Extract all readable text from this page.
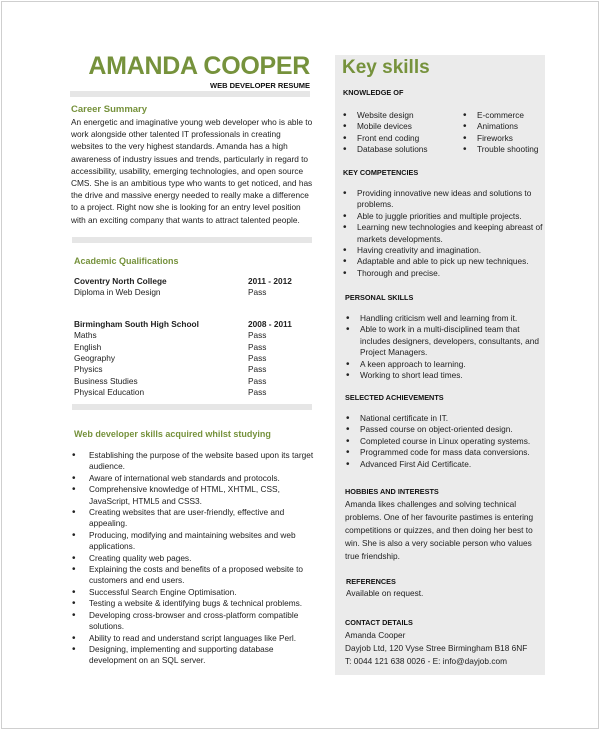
AMANDA COOPER
WEB DEVELOPER RESUME
Career Summary
An energetic and imaginative young web developer who is able to work alongside other talented IT professionals in creating websites to the very highest standards. Amanda has a high awareness of industry issues and trends, particularly in regard to accessibility, usability, emerging technologies, and open source CMS. She is an ambitious type who wants to get noticed, and has the drive and massive energy needed to really make a difference to a project. Right now she is looking for an entry level position with an exciting company that wants to attract talented people.
Academic Qualifications
Coventry North College	2011 - 2012
Diploma in Web Design	Pass
Birmingham South High School	2008 - 2011
Maths	Pass
English	Pass
Geography	Pass
Physics	Pass
Business Studies	Pass
Physical Education	Pass
Web developer skills acquired whilst studying
• Establishing the purpose of the website based upon its target audience.
• Aware of international web standards and protocols.
• Comprehensive knowledge of HTML, XHTML, CSS, JavaScript, HTML5 and CSS3.
• Creating websites that are user-friendly, effective and appealing.
• Producing, modifying and maintaining websites and web applications.
• Creating quality web pages.
• Explaining the costs and benefits of a proposed website to customers and end users.
• Successful Search Engine Optimisation.
• Testing a website & identifying bugs & technical problems.
• Developing cross-browser and cross-platform compatible solutions.
• Ability to read and understand script languages like Perl.
• Designing, implementing and supporting database development on an SQL server.
Key skills
KNOWLEDGE OF
• Website design
• Mobile devices
• Front end coding
• Database solutions
• E-commerce
• Animations
• Fireworks
• Trouble shooting
KEY COMPETENCIES
• Providing innovative new ideas and solutions to problems.
• Able to juggle priorities and multiple projects.
• Learning new technologies and keeping abreast of markets developments.
• Having creativity and imagination.
• Adaptable and able to pick up new techniques.
• Thorough and precise.
PERSONAL SKILLS
• Handling criticism well and learning from it.
• Able to work in a multi-disciplined team that includes designers, developers, consultants, and Project Managers.
• A keen approach to learning.
• Working to short lead times.
SELECTED ACHIEVEMENTS
• National certificate in IT.
• Passed course on object-oriented design.
• Completed course in Linux operating systems.
• Programmed code for mass data conversions.
• Advanced First Aid Certificate.
HOBBIES AND INTERESTS
Amanda likes challenges and solving technical problems. One of her favourite pastimes is entering competitions or quizzes, and then doing her best to win. She is also a very sociable person who values true friendship.
REFERENCES
Available on request.
CONTACT DETAILS
Amanda Cooper
Dayjob Ltd, 120 Vyse Stree Birmingham B18 6NF
T: 0044 121 638 0026 - E: info@dayjob.com
